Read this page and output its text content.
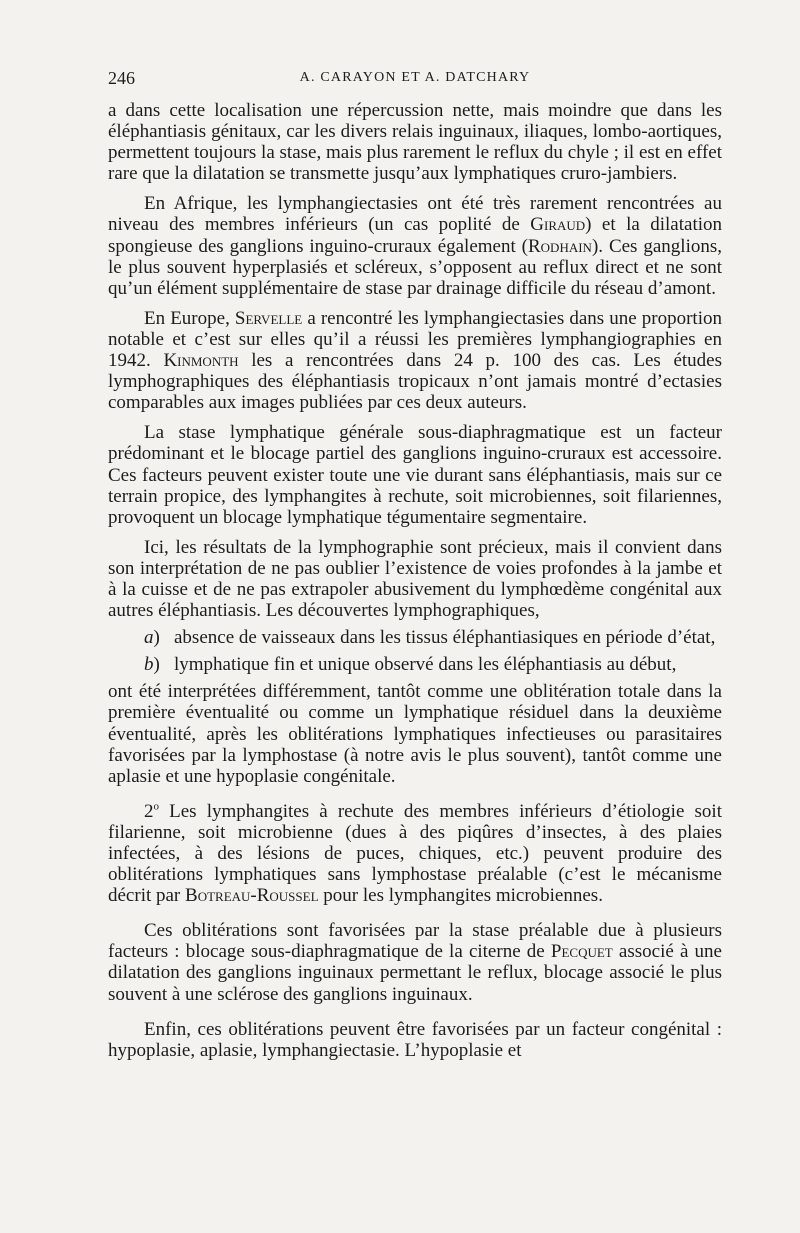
246	A. CARAYON ET A. DATCHARY

a dans cette localisation une répercussion nette, mais moindre que dans les éléphantiasis génitaux, car les divers relais inguinaux, iliaques, lombo-aortiques, permettent toujours la stase, mais plus rarement le reflux du chyle ; il est en effet rare que la dilatation se transmette jusqu’aux lymphatiques cruro-jambiers.

En Afrique, les lymphangiectasies ont été très rarement rencontrées au niveau des membres inférieurs (un cas poplité de Giraud) et la dilatation spongieuse des ganglions inguino-cruraux également (Rodhain). Ces ganglions, le plus souvent hyperplasiés et scléreux, s’opposent au reflux direct et ne sont qu’un élément supplémentaire de stase par drainage difficile du réseau d’amont.

En Europe, Servelle a rencontré les lymphangiectasies dans une proportion notable et c’est sur elles qu’il a réussi les premières lymphangiographies en 1942. Kinmonth les a rencontrées dans 24 p. 100 des cas. Les études lymphographiques des éléphantiasis tropicaux n’ont jamais montré d’ectasies comparables aux images publiées par ces deux auteurs.

La stase lymphatique générale sous-diaphragmatique est un facteur prédominant et le blocage partiel des ganglions inguino-cruraux est accessoire. Ces facteurs peuvent exister toute une vie durant sans éléphantiasis, mais sur ce terrain propice, des lymphangites à rechute, soit microbiennes, soit filariennes, provoquent un blocage lymphatique tégumentaire segmentaire.

Ici, les résultats de la lymphographie sont précieux, mais il convient dans son interprétation de ne pas oublier l’existence de voies profondes à la jambe et à la cuisse et de ne pas extrapoler abusivement du lymphœdème congénital aux autres éléphantiasis. Les découvertes lymphographiques,

a) absence de vaisseaux dans les tissus éléphantiasiques en période d’état,
b) lymphatique fin et unique observé dans les éléphantiasis au début,

ont été interprétées différemment, tantôt comme une oblitération totale dans la première éventualité ou comme un lymphatique résiduel dans la deuxième éventualité, après les oblitérations lymphatiques infectieuses ou parasitaires favorisées par la lymphostase (à notre avis le plus souvent), tantôt comme une aplasie et une hypoplasie congénitale.

2$^o$ Les lymphangites à rechute des membres inférieurs d’étiologie soit filarienne, soit microbienne (dues à des piqûres d’insectes, à des plaies infectées, à des lésions de puces, chiques, etc.) peuvent produire des oblitérations lymphatiques sans lymphostase préalable (c’est le mécanisme décrit par Botreau-Roussel pour les lymphangites microbiennes.

Ces oblitérations sont favorisées par la stase préalable due à plusieurs facteurs : blocage sous-diaphragmatique de la citerne de Pecquet associé à une dilatation des ganglions inguinaux permettant le reflux, blocage associé le plus souvent à une sclérose des ganglions inguinaux.

Enfin, ces oblitérations peuvent être favorisées par un facteur congénital : hypoplasie, aplasie, lymphangiectasie. L’hypoplasie et
